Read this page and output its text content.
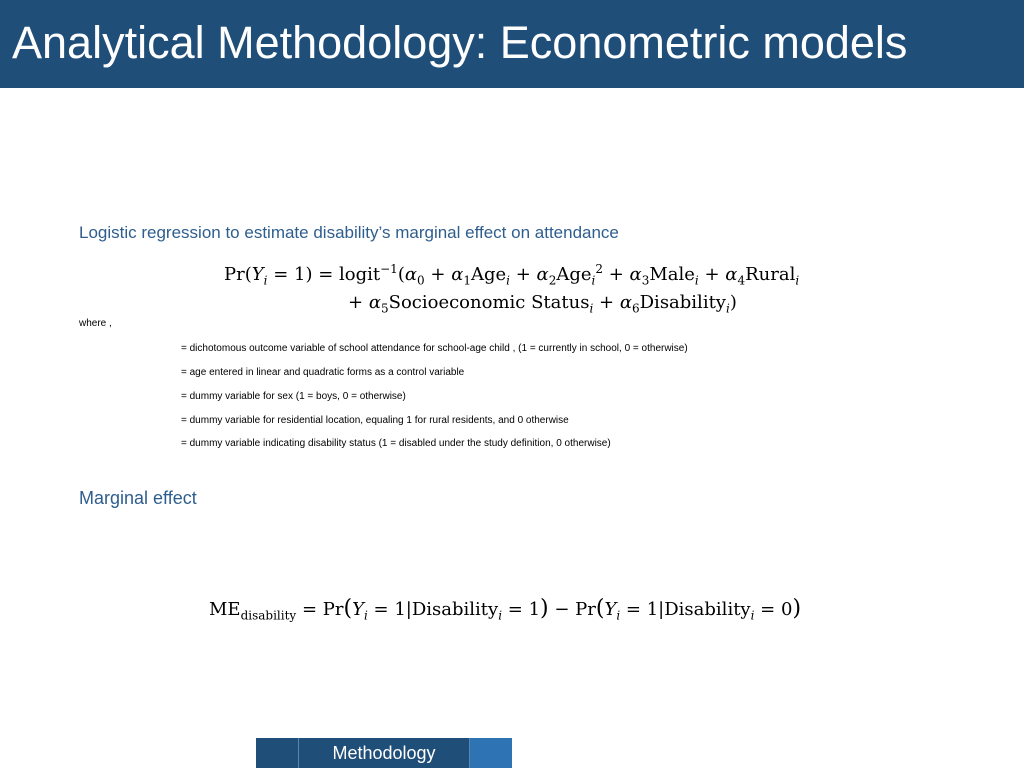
Analytical Methodology: Econometric models
Logistic regression to estimate disability’s marginal effect on attendance
$Pr(Y_i = 1)$ = $logit^{-1}(\alpha_0 + \alpha_1Age_i + \alpha_2Age_i^2$ + $\alpha_3Male_i$ + $\alpha_4Rural_i$
+ $\alpha_5Socioeconomic$ Status$_i$ + $\alpha_6Disability_i$)
where ,
= dichotomous outcome variable of school attendance for school-age child , (1 = currently in school, 0 = otherwise)
= age entered in linear and quadratic forms as a control variable
= dummy variable for sex (1 = boys, 0 = otherwise)
= dummy variable for residential location, equaling 1 for rural residents, and 0 otherwise
= dummy variable indicating disability status (1 = disabled under the study definition, 0 otherwise)
Marginal effect
$ME_{disability} = Pr(Y_i$ = 1|Disability$_i$ = $1) - Pr(Y_i$ = 1|Disability$_i$ = 0)
Methodology
